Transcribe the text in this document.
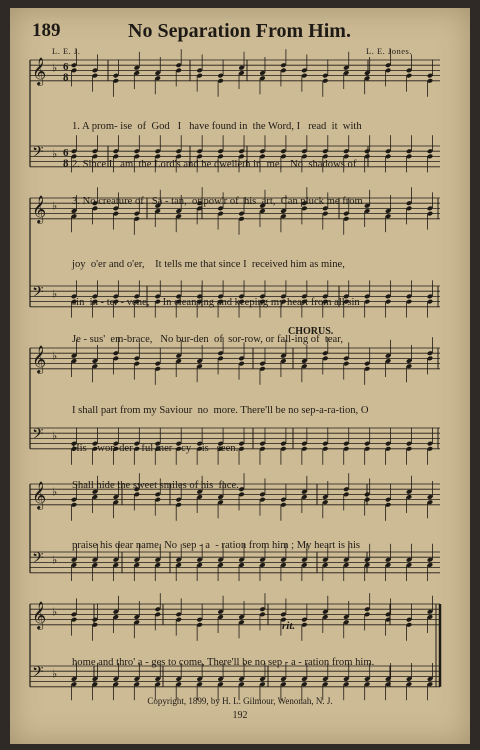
189	No Separation From Him.
L. E. J.	L. E. Jones.
𝄞 ♭ 6
8
𝄢 ♭ 6
8
𝄞 ♭
𝄢 ♭
𝄞 ♭
𝄢 ♭
𝄞 ♭
𝄢 ♭
𝄞 ♭
𝄢 ♭
CHORUS.
rit.

1. A prom- ise  of  God   I   have found in  the Word, I   read  it  with

2. Since I   am  the Lord's and he dwelleth in  me,   No  shadows of

3. No creature of   Sa - tan,  or pow'r of  his  art,  Can pluck me from

joy  o'er and o'er,    It tells me that since I  received him as mine,

sin  in - ter - vene,     In cleansing and keeping my heart from all sin

Je - sus'  em-brace,   No bur-den  of  sor-row, or fall-ing of  tear,

I shall part from my Saviour  no  more. There'll be no sep-a-ra-tion, O

His    won-der - ful mer - cy    is   seen.

Shall hide the sweet smiles of his  face.

praise his dear name, No  sep - a  - ration from him ; My heart is his

home and thro' a - ges to come, There'll be no sep - a - ration from him.

Copyright, 1899, by H. L. Gilmour, Wenonah, N. J.
192
